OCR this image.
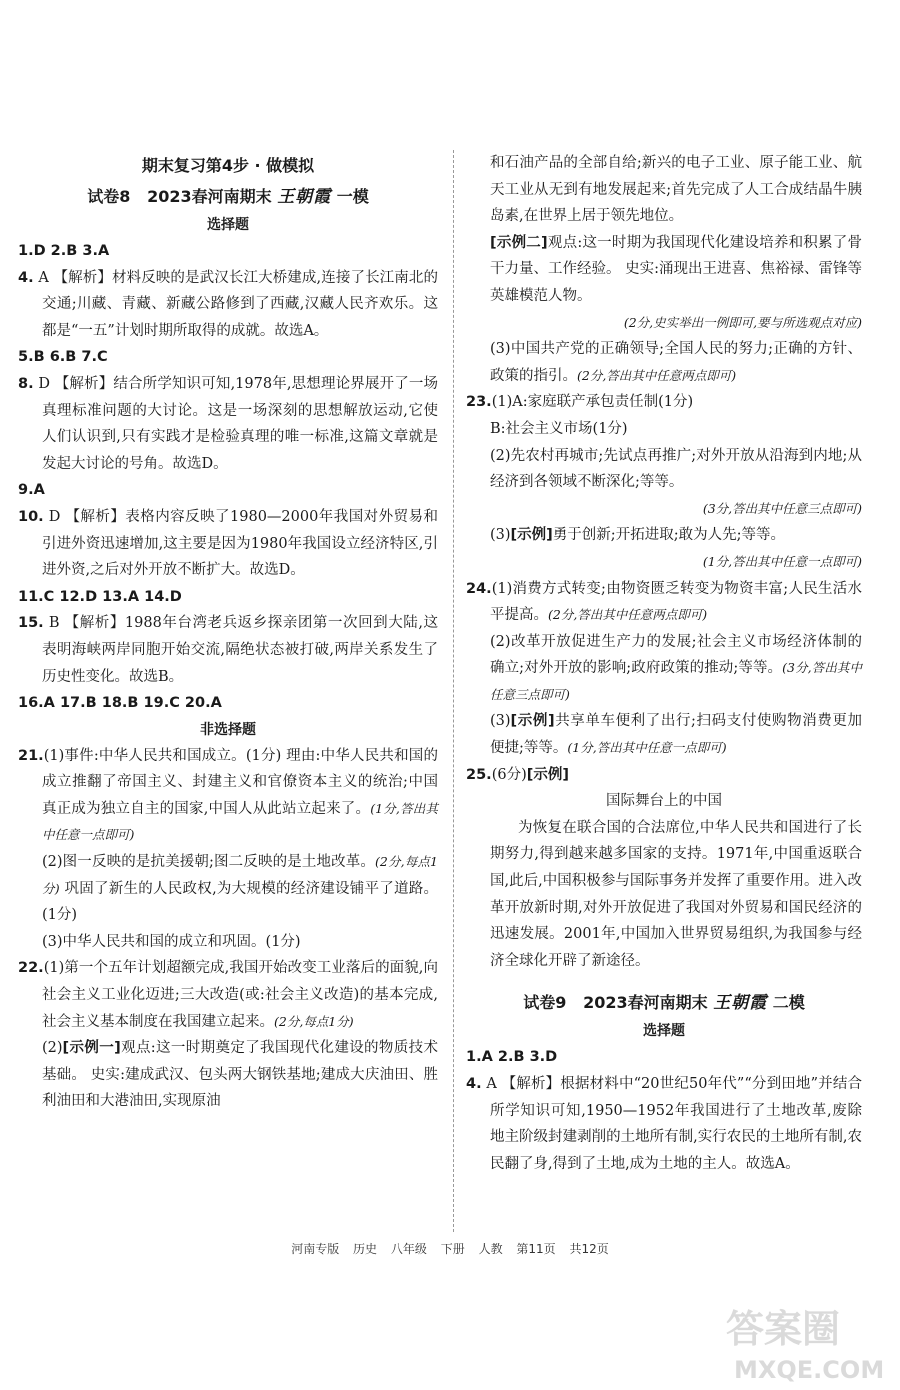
期末复习第4步 · 做模拟
试卷8 2023春河南期末 王朝霞 一模
选择题

1.D 2.B 3.A

4. A 【解析】材料反映的是武汉长江大桥建成,连接了长江南北的交通;川藏、青藏、新藏公路修到了西藏,汉藏人民齐欢乐。这都是“一五”计划时期所取得的成就。故选A。

5.B 6.B 7.C

8. D 【解析】结合所学知识可知,1978年,思想理论界展开了一场真理标准问题的大讨论。这是一场深刻的思想解放运动,它使人们认识到,只有实践才是检验真理的唯一标准,这篇文章就是发起大讨论的号角。故选D。

9.A

10. D 【解析】表格内容反映了1980—2000年我国对外贸易和引进外资迅速增加,这主要是因为1980年我国设立经济特区,引进外资,之后对外开放不断扩大。故选D。

11.C 12.D 13.A 14.D

15. B 【解析】1988年台湾老兵返乡探亲团第一次回到大陆,这表明海峡两岸同胞开始交流,隔绝状态被打破,两岸关系发生了历史性变化。故选B。

16.A 17.B 18.B 19.C 20.A

非选择题

21.(1)事件:中华人民共和国成立。(1分) 理由:中华人民共和国的成立推翻了帝国主义、封建主义和官僚资本主义的统治;中国真正成为独立自主的国家,中国人从此站立起来了。(1分,答出其中任意一点即可)

(2)图一反映的是抗美援朝;图二反映的是土地改革。(2分,每点1分) 巩固了新生的人民政权,为大规模的经济建设铺平了道路。(1分)

(3)中华人民共和国的成立和巩固。(1分)

22.(1)第一个五年计划超额完成,我国开始改变工业落后的面貌,向社会主义工业化迈进;三大改造(或:社会主义改造)的基本完成,社会主义基本制度在我国建立起来。(2分,每点1分)

(2)[示例一]观点:这一时期奠定了我国现代化建设的物质技术基础。 史实:建成武汉、包头两大钢铁基地;建成大庆油田、胜利油田和大港油田,实现原油

和石油产品的全部自给;新兴的电子工业、原子能工业、航天工业从无到有地发展起来;首先完成了人工合成结晶牛胰岛素,在世界上居于领先地位。

[示例二]观点:这一时期为我国现代化建设培养和积累了骨干力量、工作经验。 史实:涌现出王进喜、焦裕禄、雷锋等英雄模范人物。

(2分,史实举出一例即可,要与所选观点对应)

(3)中国共产党的正确领导;全国人民的努力;正确的方针、政策的指引。(2分,答出其中任意两点即可)

23.(1)A:家庭联产承包责任制(1分)

B:社会主义市场(1分)

(2)先农村再城市;先试点再推广;对外开放从沿海到内地;从经济到各领域不断深化;等等。

(3分,答出其中任意三点即可)

(3)[示例]勇于创新;开拓进取;敢为人先;等等。

(1分,答出其中任意一点即可)

24.(1)消费方式转变;由物资匮乏转变为物资丰富;人民生活水平提高。(2分,答出其中任意两点即可)

(2)改革开放促进生产力的发展;社会主义市场经济体制的确立;对外开放的影响;政府政策的推动;等等。(3分,答出其中任意三点即可)

(3)[示例]共享单车便利了出行;扫码支付使购物消费更加便捷;等等。(1分,答出其中任意一点即可)

25.(6分)[示例]

国际舞台上的中国

为恢复在联合国的合法席位,中华人民共和国进行了长期努力,得到越来越多国家的支持。1971年,中国重返联合国,此后,中国积极参与国际事务并发挥了重要作用。进入改革开放新时期,对外开放促进了我国对外贸易和国民经济的迅速发展。2001年,中国加入世界贸易组织,为我国参与经济全球化开辟了新途径。

试卷9 2023春河南期末 王朝霞 二模
选择题

1.A 2.B 3.D

4. A 【解析】根据材料中“20世纪50年代”“分到田地”并结合所学知识可知,1950—1952年我国进行了土地改革,废除地主阶级封建剥削的土地所有制,实行农民的土地所有制,农民翻了身,得到了土地,成为土地的主人。故选A。

河南专版 历史 八年级 下册 人教 第11页 共12页
答案圈
MXQE.COM
